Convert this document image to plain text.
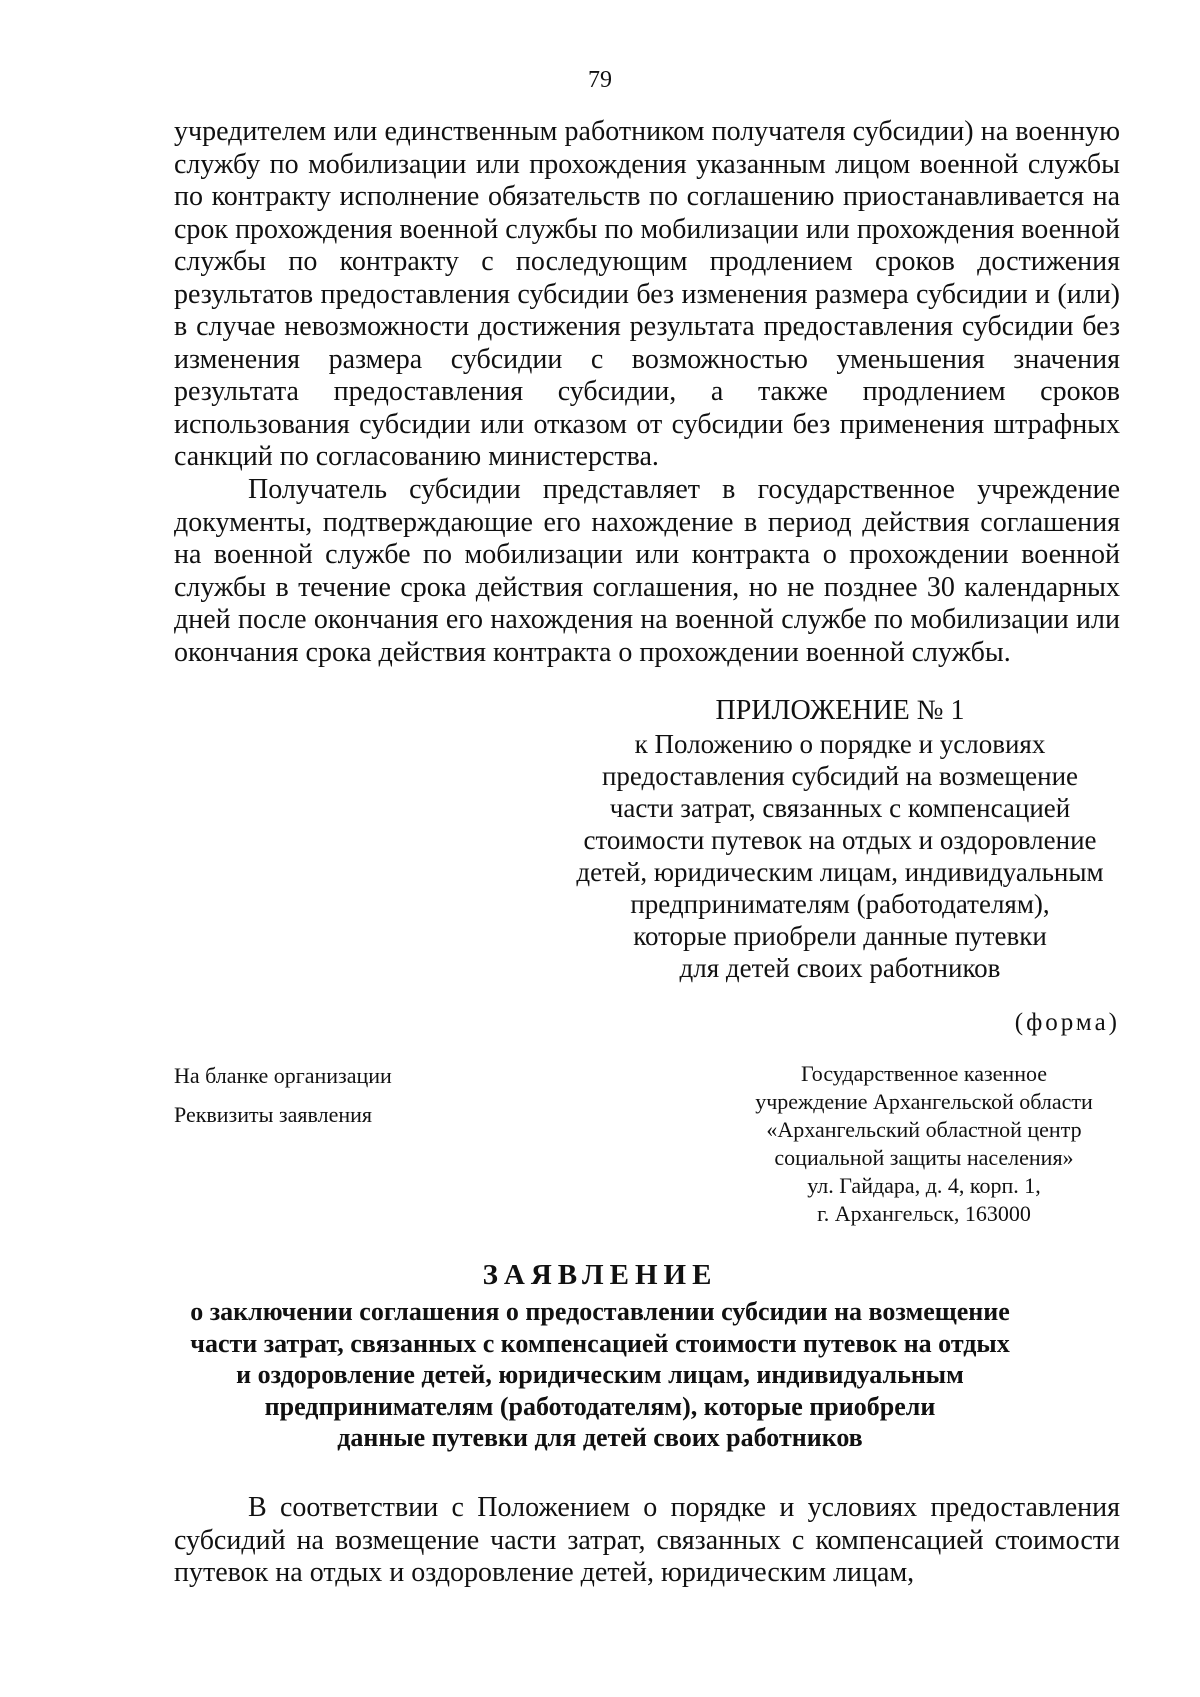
79

учредителем или единственным работником получателя субсидии) на военную службу по мобилизации или прохождения указанным лицом военной службы по контракту исполнение обязательств по соглашению приостанавливается на срок прохождения военной службы по мобилизации или прохождения военной службы по контракту с последующим продлением сроков достижения результатов предоставления субсидии без изменения размера субсидии и (или) в случае невозможности достижения результата предоставления субсидии без изменения размера субсидии с возможностью уменьшения значения результата предоставления субсидии, а также продлением сроков использования субсидии или отказом от субсидии без применения штрафных санкций по согласованию министерства.

Получатель субсидии представляет в государственное учреждение документы, подтверждающие его нахождение в период действия соглашения на военной службе по мобилизации или контракта о прохождении военной службы в течение срока действия соглашения, но не позднее 30 календарных дней после окончания его нахождения на военной службе по мобилизации или окончания срока действия контракта о прохождении военной службы.

ПРИЛОЖЕНИЕ № 1
к Положению о порядке и условиях
предоставления субсидий на возмещение
части затрат, связанных с компенсацией
стоимости путевок на отдых и оздоровление
детей, юридическим лицам, индивидуальным
предпринимателям (работодателям),
которые приобрели данные путевки
для детей своих работников
(форма)
На бланке организации
Реквизиты заявления
Государственное казенное
учреждение Архангельской области
«Архангельский областной центр
социальной защиты населения»
ул. Гайдара, д. 4, корп. 1,
г. Архангельск, 163000
ЗАЯВЛЕНИЕ
о заключении соглашения о предоставлении субсидии на возмещение
части затрат, связанных с компенсацией стоимости путевок на отдых
и оздоровление детей, юридическим лицам, индивидуальным
предпринимателям (работодателям), которые приобрели
данные путевки для детей своих работников

В соответствии с Положением о порядке и условиях предоставления субсидий на возмещение части затрат, связанных с компенсацией стоимости путевок на отдых и оздоровление детей, юридическим лицам,
